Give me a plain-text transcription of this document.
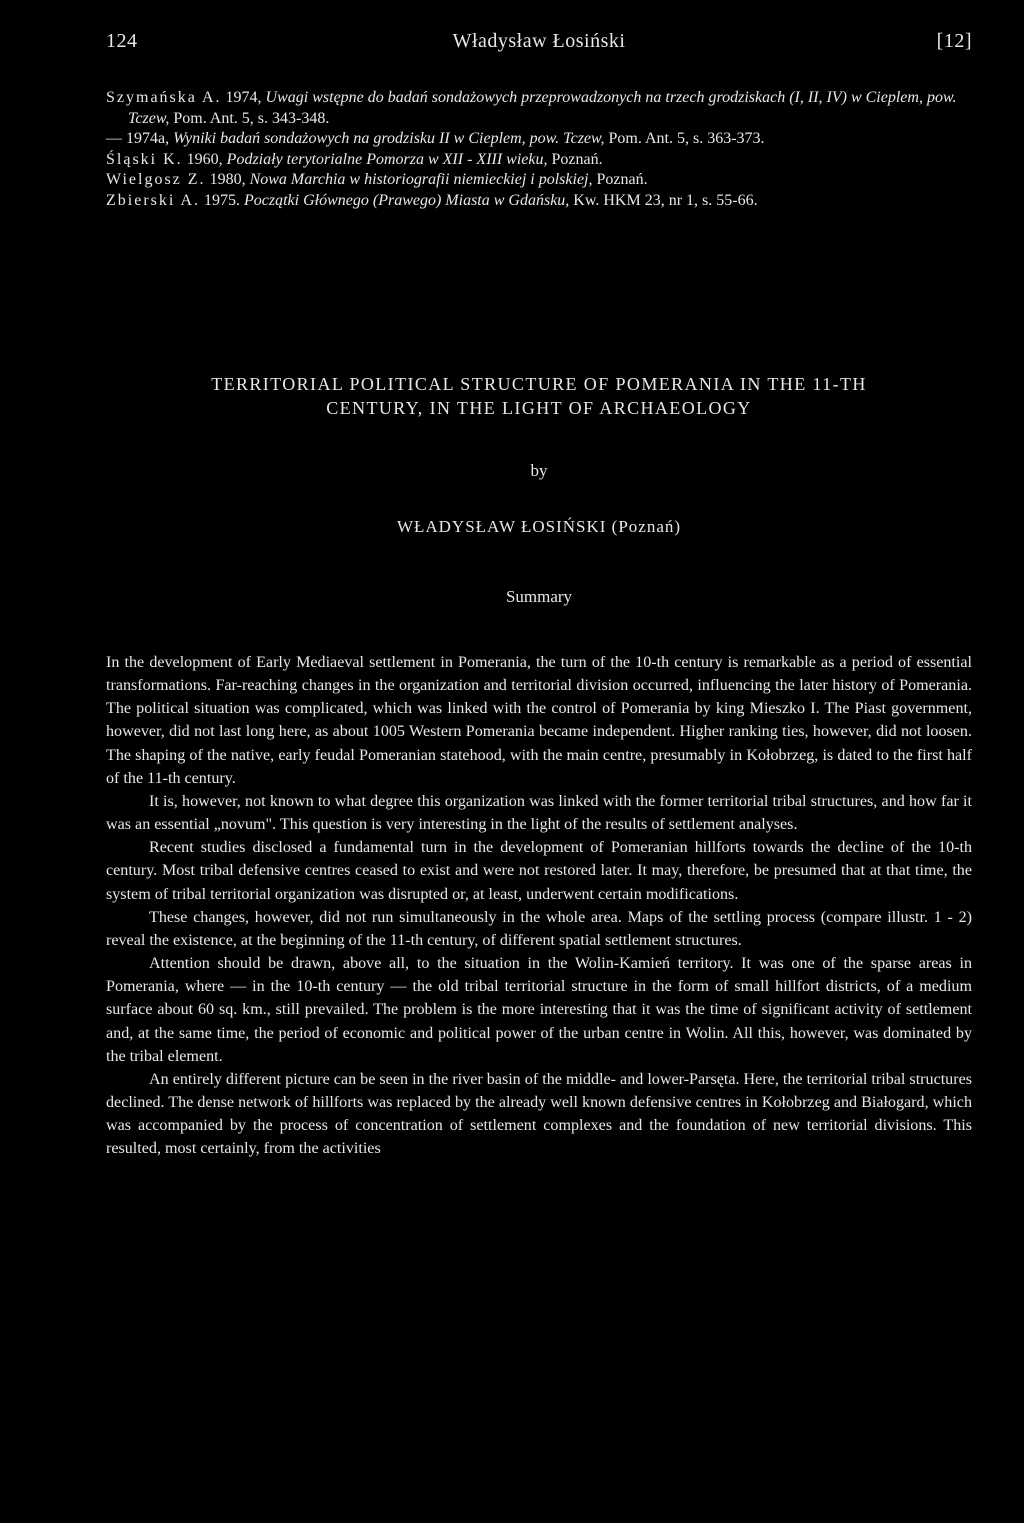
124	Władysław Łosiński	[12]

Szymańska A. 1974, Uwagi wstępne do badań sondażowych przeprowadzonych na trzech grodziskach (I, II, IV) w Cieplem, pow. Tczew, Pom. Ant. 5, s. 343-348.

— 1974a, Wyniki badań sondażowych na grodzisku II w Cieplem, pow. Tczew, Pom. Ant. 5, s. 363-373.

Śląski K. 1960, Podziały terytorialne Pomorza w XII - XIII wieku, Poznań.

Wielgosz Z. 1980, Nowa Marchia w historiografii niemieckiej i polskiej, Poznań.

Zbierski A. 1975. Początki Głównego (Prawego) Miasta w Gdańsku, Kw. HKM 23, nr 1, s. 55-66.

TERRITORIAL POLITICAL STRUCTURE OF POMERANIA IN THE 11-TH
CENTURY, IN THE LIGHT OF ARCHAEOLOGY
by
WŁADYSŁAW ŁOSIŃSKI (Poznań)
Summary

In the development of Early Mediaeval settlement in Pomerania, the turn of the 10-th century is remarkable as a period of essential transformations. Far-reaching changes in the organization and territorial division occurred, influencing the later history of Pomerania. The political situation was complicated, which was linked with the control of Pomerania by king Mieszko I. The Piast government, however, did not last long here, as about 1005 Western Pomerania became independent. Higher ranking ties, however, did not loosen. The shaping of the native, early feudal Pomeranian statehood, with the main centre, presumably in Kołobrzeg, is dated to the first half of the 11-th century.

It is, however, not known to what degree this organization was linked with the former territorial tribal structures, and how far it was an essential „novum". This question is very interesting in the light of the results of settlement analyses.

Recent studies disclosed a fundamental turn in the development of Pomeranian hillforts towards the decline of the 10-th century. Most tribal defensive centres ceased to exist and were not restored later. It may, therefore, be presumed that at that time, the system of tribal territorial organization was disrupted or, at least, underwent certain modifications.

These changes, however, did not run simultaneously in the whole area. Maps of the settling process (compare illustr. 1 - 2) reveal the existence, at the beginning of the 11-th century, of different spatial settlement structures.

Attention should be drawn, above all, to the situation in the Wolin-Kamień territory. It was one of the sparse areas in Pomerania, where — in the 10-th century — the old tribal territorial structure in the form of small hillfort districts, of a medium surface about 60 sq. km., still prevailed. The problem is the more interesting that it was the time of significant activity of settlement and, at the same time, the period of economic and political power of the urban centre in Wolin. All this, however, was dominated by the tribal element.

An entirely different picture can be seen in the river basin of the middle- and lower-Parsęta. Here, the territorial tribal structures declined. The dense network of hillforts was replaced by the already well known defensive centres in Kołobrzeg and Białogard, which was accompanied by the process of concentration of settlement complexes and the foundation of new territorial divisions. This resulted, most certainly, from the activities
